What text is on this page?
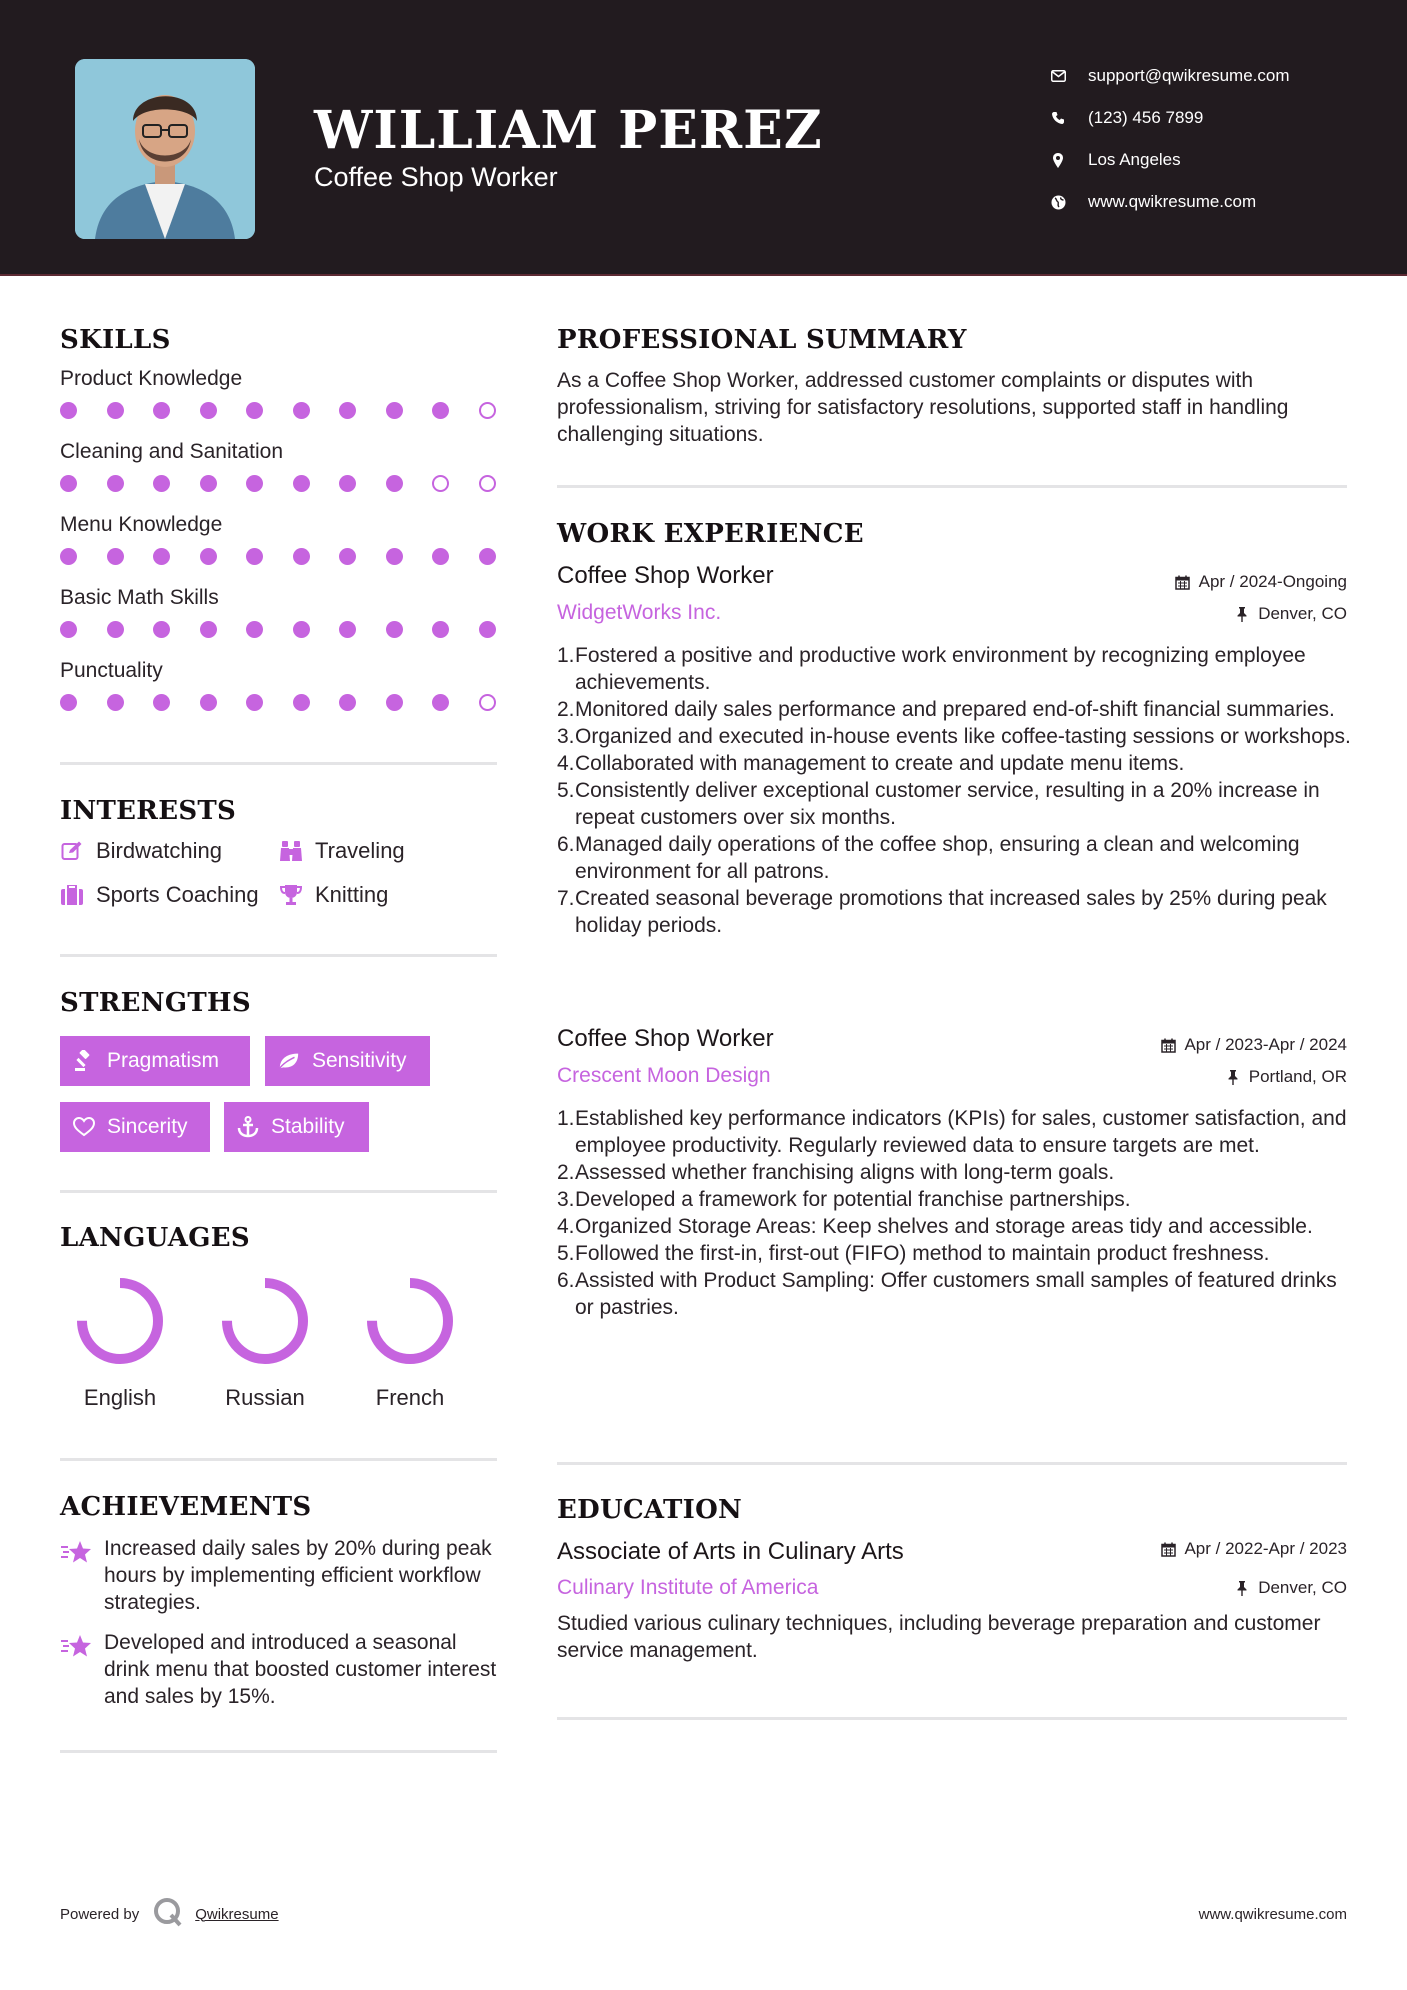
WILLIAM PEREZ
Coffee Shop Worker
support@qwikresume.com
(123) 456 7899
Los Angeles
www.qwikresume.com
SKILLS
Product Knowledge
Cleaning and Sanitation
Menu Knowledge
Basic Math Skills
Punctuality
INTERESTS
Birdwatching	Traveling
Sports Coaching	Knitting
STRENGTHS
Pragmatism	Sensitivity
Sincerity	Stability
LANGUAGES
English	Russian	French
ACHIEVEMENTS
Increased daily sales by 20% during peak hours by implementing efficient workflow strategies.
Developed and introduced a seasonal drink menu that boosted customer interest and sales by 15%.
PROFESSIONAL SUMMARY
As a Coffee Shop Worker, addressed customer complaints or disputes with professionalism, striving for satisfactory resolutions, supported staff in handling challenging situations.
WORK EXPERIENCE
Coffee Shop Worker	Apr / 2024-Ongoing
WidgetWorks Inc.	Denver, CO
1. Fostered a positive and productive work environment by recognizing employee achievements.
2. Monitored daily sales performance and prepared end-of-shift financial summaries.
3. Organized and executed in-house events like coffee-tasting sessions or workshops.
4. Collaborated with management to create and update menu items.
5. Consistently deliver exceptional customer service, resulting in a 20% increase in repeat customers over six months.
6. Managed daily operations of the coffee shop, ensuring a clean and welcoming environment for all patrons.
7. Created seasonal beverage promotions that increased sales by 25% during peak holiday periods.
Coffee Shop Worker	Apr / 2023-Apr / 2024
Crescent Moon Design	Portland, OR
1. Established key performance indicators (KPIs) for sales, customer satisfaction, and employee productivity. Regularly reviewed data to ensure targets are met.
2. Assessed whether franchising aligns with long-term goals.
3. Developed a framework for potential franchise partnerships.
4. Organized Storage Areas: Keep shelves and storage areas tidy and accessible.
5. Followed the first-in, first-out (FIFO) method to maintain product freshness.
6. Assisted with Product Sampling: Offer customers small samples of featured drinks or pastries.
EDUCATION
Associate of Arts in Culinary Arts	Apr / 2022-Apr / 2023
Culinary Institute of America	Denver, CO
Studied various culinary techniques, including beverage preparation and customer service management.
Powered by	Qwikresume	www.qwikresume.com
